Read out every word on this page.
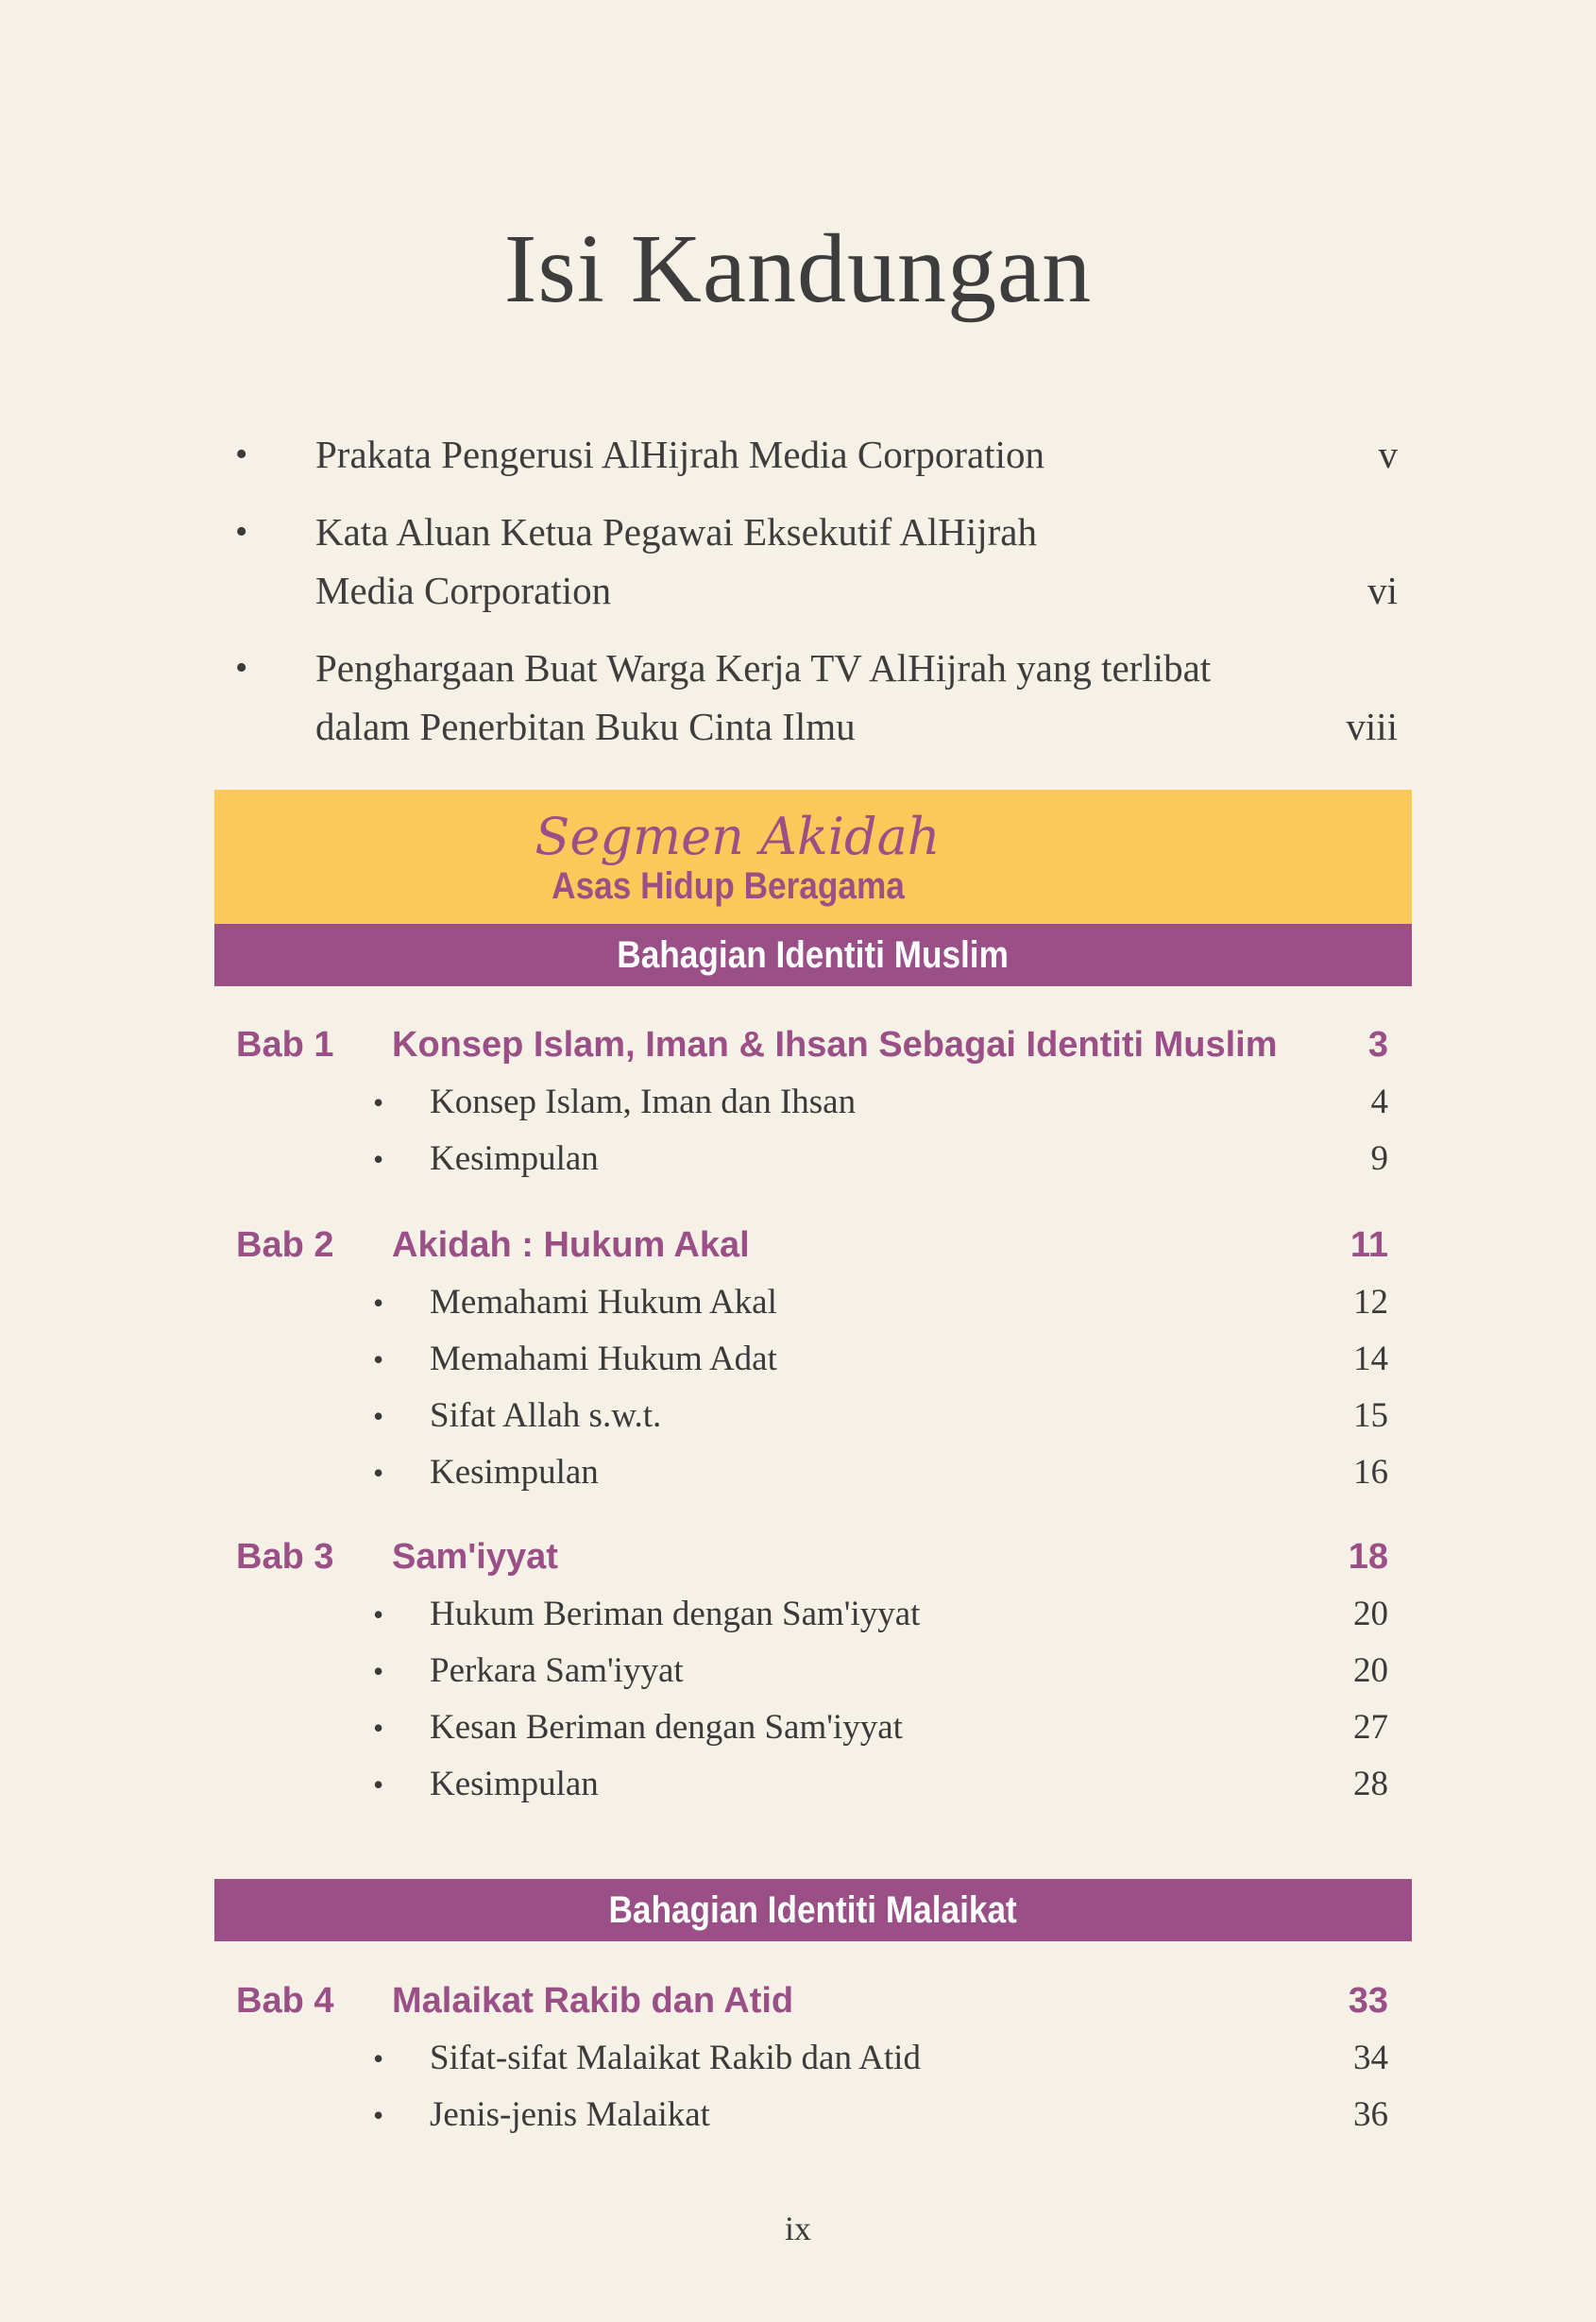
Isi Kandungan
•	Prakata Pengerusi AlHijrah Media Corporation	v
•	Kata Aluan Ketua Pegawai Eksekutif AlHijrah Media Corporation	vi
•	Penghargaan Buat Warga Kerja TV AlHijrah yang terlibat dalam Penerbitan Buku Cinta Ilmu	viii
Segmen Akidah
Asas Hidup Beragama
Bahagian Identiti Muslim
Bab 1	Konsep Islam, Iman & Ihsan Sebagai Identiti Muslim	3
•	Konsep Islam, Iman dan Ihsan	4
•	Kesimpulan	9
Bab 2	Akidah : Hukum Akal	11
•	Memahami Hukum Akal	12
•	Memahami Hukum Adat	14
•	Sifat Allah s.w.t.	15
•	Kesimpulan	16
Bab 3	Sam'iyyat	18
•	Hukum Beriman dengan Sam'iyyat	20
•	Perkara Sam'iyyat	20
•	Kesan Beriman dengan Sam'iyyat	27
•	Kesimpulan	28
Bahagian Identiti Malaikat
Bab 4	Malaikat Rakib dan Atid	33
•	Sifat-sifat Malaikat Rakib dan Atid	34
•	Jenis-jenis Malaikat	36
ix
